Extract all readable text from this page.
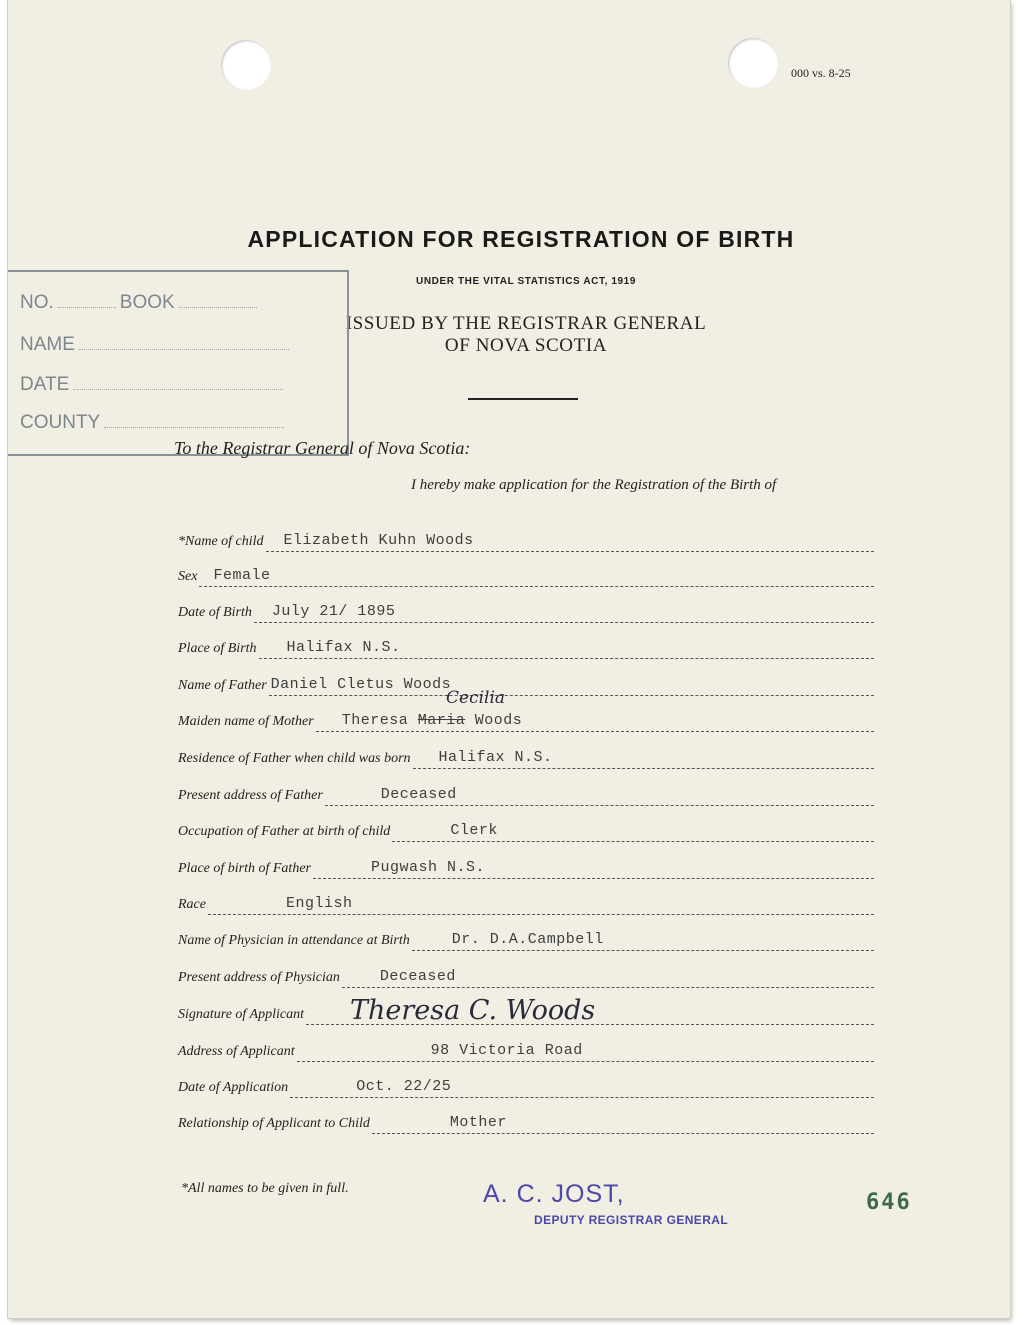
000 vs. 8-25
APPLICATION FOR REGISTRATION OF BIRTH
UNDER THE VITAL STATISTICS ACT, 1919
ISSUED BY THE REGISTRAR GENERAL
OF NOVA SCOTIA
NO.	BOOK
NAME
DATE
COUNTY
To the Registrar General of Nova Scotia:
I hereby make application for the Registration of the Birth of
*Name of child Elizabeth Kuhn Woods
Sex Female
Date of Birth July 21/ 1895
Place of Birth Halifax N.S.
Name of Father Daniel Cletus Woods
Cecilia
Maiden name of Mother Theresa Maria Woods
Residence of Father when child was born Halifax N.S.
Present address of Father	Deceased
Occupation of Father at birth of child	Clerk
Place of birth of Father	Pugwash N.S.
Race	English
Name of Physician in attendance at Birth	Dr. D.A.Campbell
Present address of Physician	Deceased
Signature of Applicant Theresa C. Woods
Address of Applicant	98 Victoria Road
Date of Application	Oct. 22/25
Relationship of Applicant to Child	Mother
*All names to be given in full.	A. C. JOST,
DEPUTY REGISTRAR GENERAL
646
